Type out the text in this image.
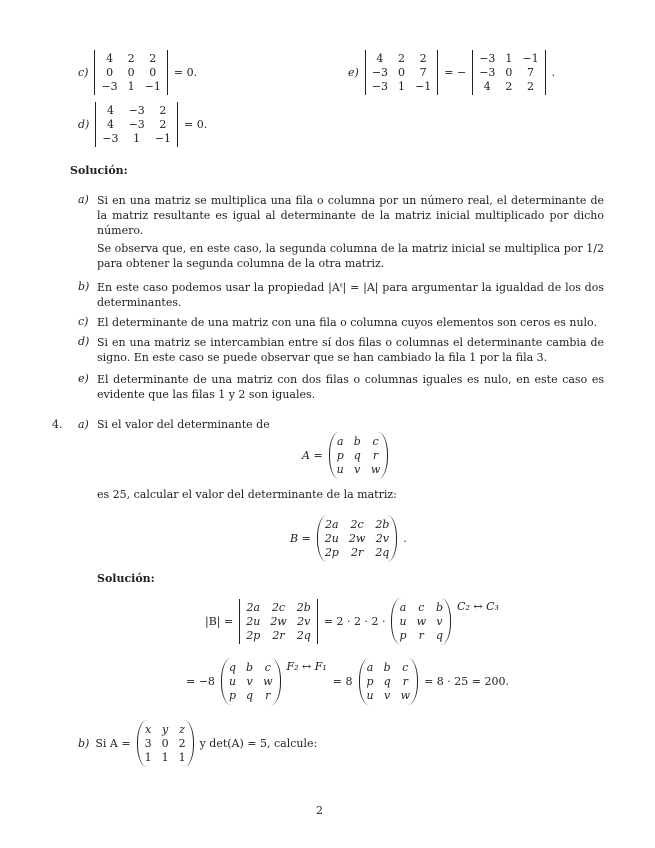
c)
4	2	2
0	0	0
−3 1 −1
= 0.	e)
4	2	2
−3 0	7
−3 1 −1
= −
−3 1 −1
−3 0	7
4	2	2
.
d)
4	−3	2
4	−3	2
−3	1	−1
= 0.
Solución:
a) Si en una matriz se multiplica una fila o columna por un número real, el determinante de la matriz resultante es igual al determinante de la matriz inicial multiplicado por dicho número.
Se observa que, en este caso, la segunda columna de la matriz inicial se multiplica por 1/2 para obtener la segunda columna de la otra matriz.
b) En este caso podemos usar la propiedad |Aᵗ| = |A| para argumentar la igualdad de los dos determinantes.
c) El determinante de una matriz con una fila o columna cuyos elementos son ceros es nulo.
d) Si en una matriz se intercambian entre sí dos filas o columnas el determinante cambia de signo. En este caso se puede observar que se han cambiado la fila 1 por la fila 3.
e) El determinante de una matriz con dos filas o columnas iguales es nulo, en este caso es evidente que las filas 1 y 2 son iguales.
4. a) Si el valor del determinante de
A =
a b c
p q r
u v w
es 25, calcular el valor del determinante de la matriz:
B =
2a 2c 2b
2u 2w 2v
2p 2r 2q
.
Solución:
|B| =
2a 2c 2b
2u 2w 2v
2p 2r 2q
= 2 · 2 · 2 ·
a c b
u w v
p r q
C₂ ↔ C₃
= −8
q b c
u v w
p q r
F₂ ↔ F₁
= 8
a b c
p q r
u v w
= 8 · 25 = 200.
b) Si A =
x y z
3 0 2
1 1 1
y det(A) = 5, calcule:
2
